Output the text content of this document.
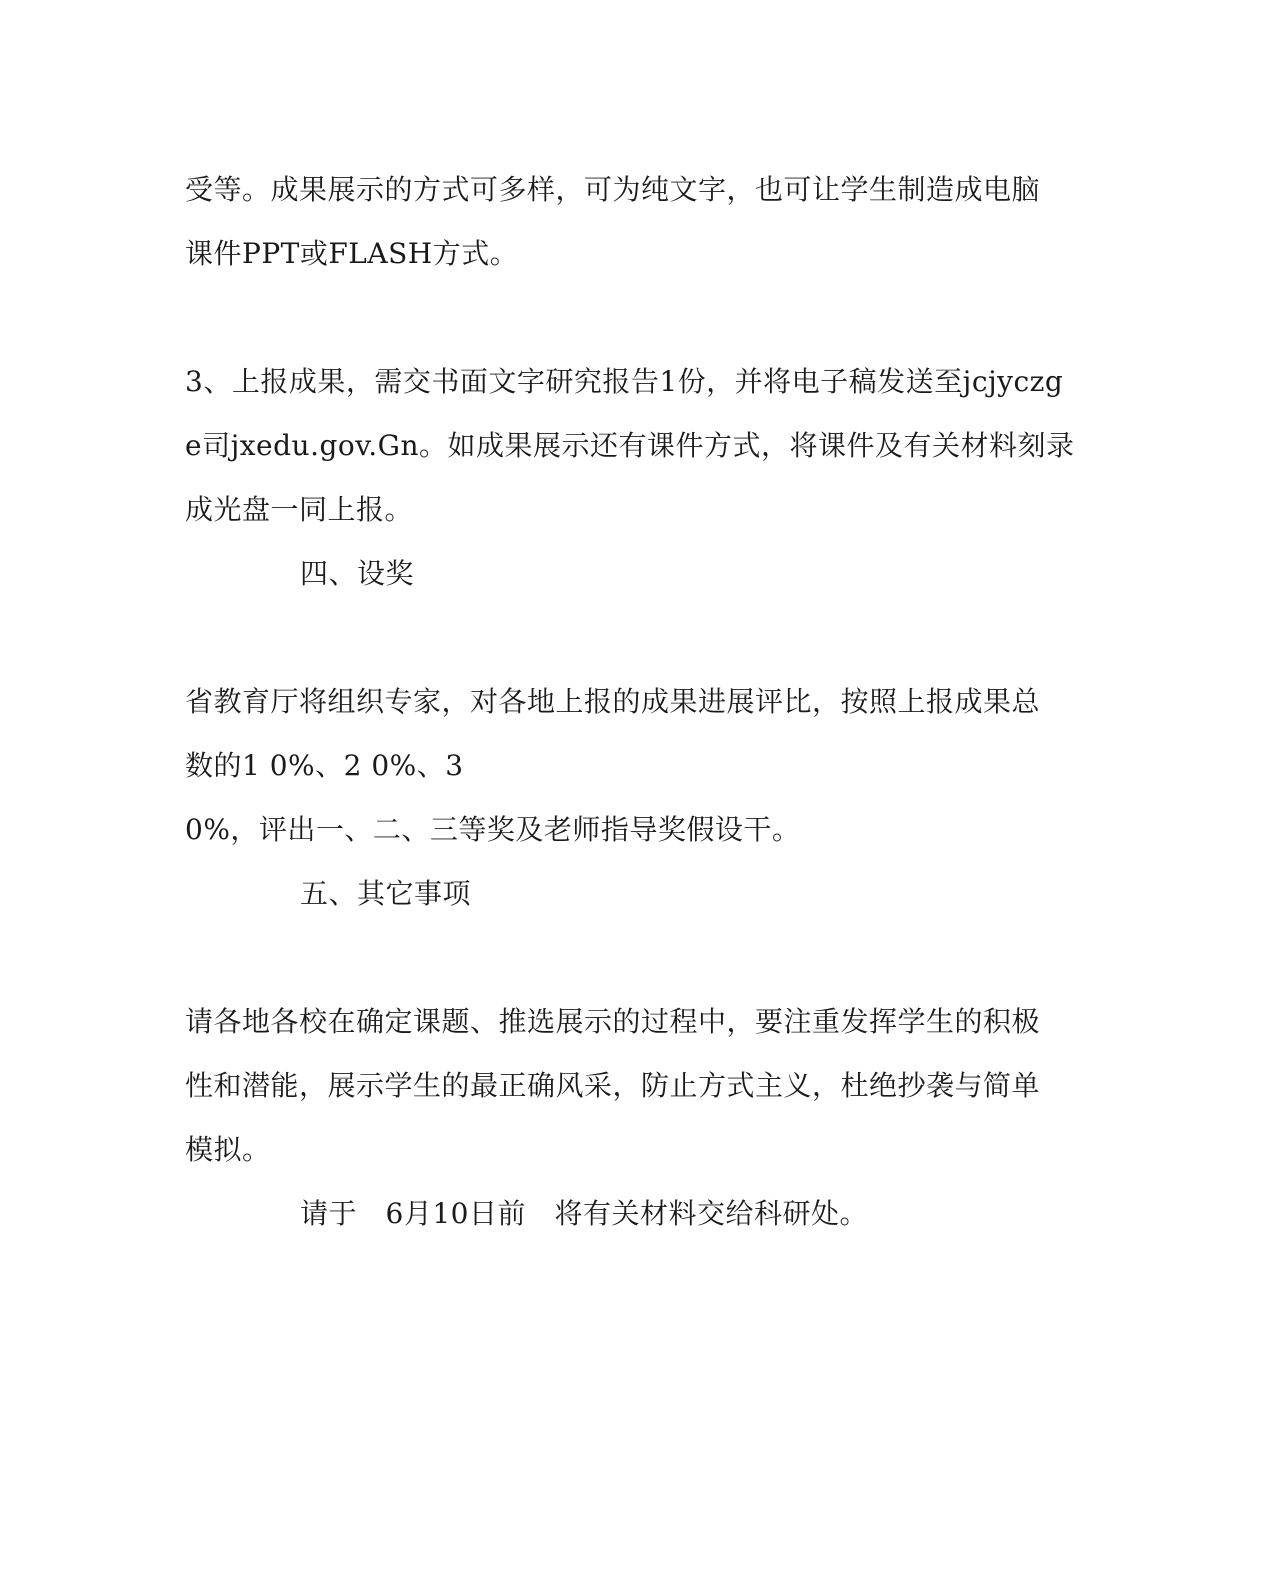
受等。成果展示的方式可多样，可为纯文字，也可让学生制造成电脑
课件PPT或FLASH方式。
3、上报成果，需交书面文字研究报告1份，并将电子稿发送至jcjyczg
e司jxedu.gov.Gn。如成果展示还有课件方式，将课件及有关材料刻录
成光盘一同上报。
四、设奖
省教育厅将组织专家，对各地上报的成果进展评比，按照上报成果总
数的1 0%、2 0%、3
0%，评出一、二、三等奖及老师指导奖假设干。
五、其它事项
请各地各校在确定课题、推选展示的过程中，要注重发挥学生的积极
性和潜能，展示学生的最正确风采，防止方式主义，杜绝抄袭与简单
模拟。
请于　6月10日前　将有关材料交给科研处。
